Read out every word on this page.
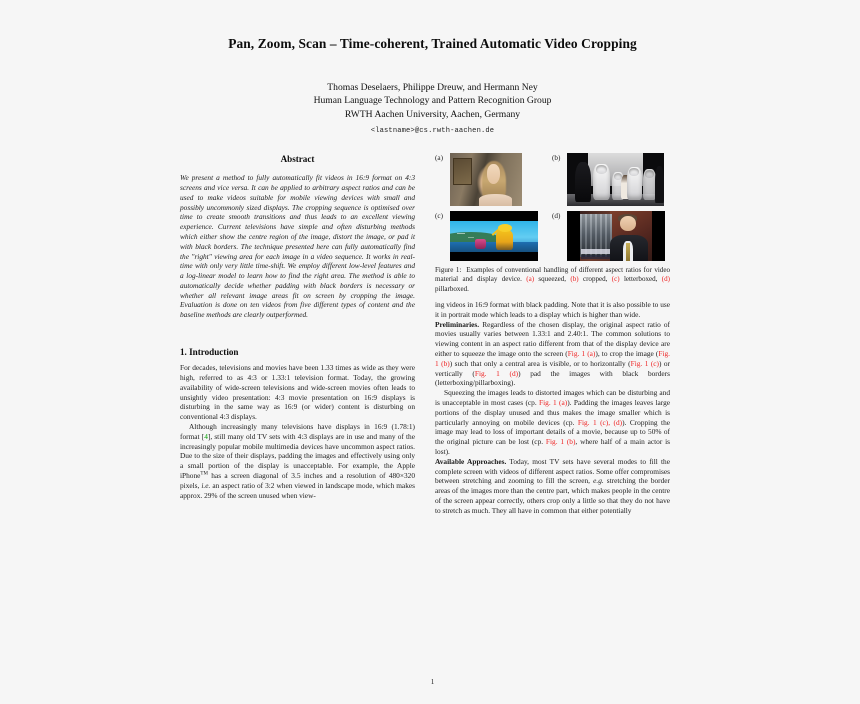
Pan, Zoom, Scan – Time-coherent, Trained Automatic Video Cropping
Thomas Deselaers, Philippe Dreuw, and Hermann Ney
Human Language Technology and Pattern Recognition Group
RWTH Aachen University, Aachen, Germany
<lastname>@cs.rwth-aachen.de
Abstract

We present a method to fully automatically fit videos in 16:9 format on 4:3 screens and vice versa. It can be applied to arbitrary aspect ratios and can be used to make videos suitable for mobile viewing devices with small and possibly uncommonly sized displays. The cropping sequence is optimised over time to create smooth transitions and thus leads to an excellent viewing experience. Current televisions have simple and often disturbing methods which either show the centre region of the image, distort the image, or pad it with black borders. The technique presented here can fully automatically find the "right" viewing area for each image in a video sequence. It works in real-time with only very little time-shift. We employ different low-level features and a log-linear model to learn how to find the right area. The method is able to automatically decide whether padding with black borders is necessary or whether all relevant image areas fit on screen by cropping the image. Evaluation is done on ten videos from five different types of content and the baseline methods are clearly outperformed.

1. Introduction

For decades, televisions and movies have been 1.33 times as wide as they were high, referred to as 4:3 or 1.33:1 television format. Today, the growing availability of wide-screen televisions and wide-screen movies often leads to unsightly video presentation: 4:3 movie presentation on 16:9 displays is disturbing in the same way as 16:9 (or wider) content is disturbing on conventional 4:3 displays.

Although increasingly many televisions have displays in 16:9 (1.78:1) format [4], still many old TV sets with 4:3 displays are in use and many of the increasingly popular mobile multimedia devices have uncommon aspect ratios. Due to the size of their displays, padding the images and effectively using only a small portion of the display is unacceptable. For example, the Apple iPhone™ has a screen diagonal of 3.5 inches and a resolution of 480×320 pixels, i.e. an aspect ratio of 3:2 when viewed in landscape mode, which makes approx. 29% of the screen unused when view-

(a)	(b)
(c)	(d)
Figure 1: Examples of conventional handling of different aspect ratios for video material and display device. (a) squeezed, (b) cropped, (c) letterboxed, (d) pillarboxed.

ing videos in 16:9 format with black padding. Note that it is also possible to use it in portrait mode which leads to a display which is higher than wide.

Preliminaries. Regardless of the chosen display, the original aspect ratio of movies usually varies between 1.33:1 and 2.40:1. The common solutions to viewing content in an aspect ratio different from that of the display device are either to squeeze the image onto the screen (Fig. 1 (a)), to crop the image (Fig. 1 (b)) such that only a central area is visible, or to horizontally (Fig. 1 (c)) or vertically (Fig. 1 (d)) pad the images with black borders (letterboxing/pillarboxing).

Squeezing the images leads to distorted images which can be disturbing and is unacceptable in most cases (cp. Fig. 1 (a)). Padding the images leaves large portions of the display unused and thus makes the image smaller which is particularly annoying on mobile devices (cp. Fig. 1 (c), (d)). Cropping the image may lead to loss of important details of a movie, because up to 50% of the original picture can be lost (cp. Fig. 1 (b), where half of a main actor is lost).

Available Approaches. Today, most TV sets have several modes to fill the complete screen with videos of different aspect ratios. Some offer compromises between stretching and zooming to fill the screen, e.g. stretching the border areas of the images more than the centre part, which makes people in the centre of the screen appear correctly, others crop only a little so that they do not have to stretch as much. They all have in common that either potentially

1
